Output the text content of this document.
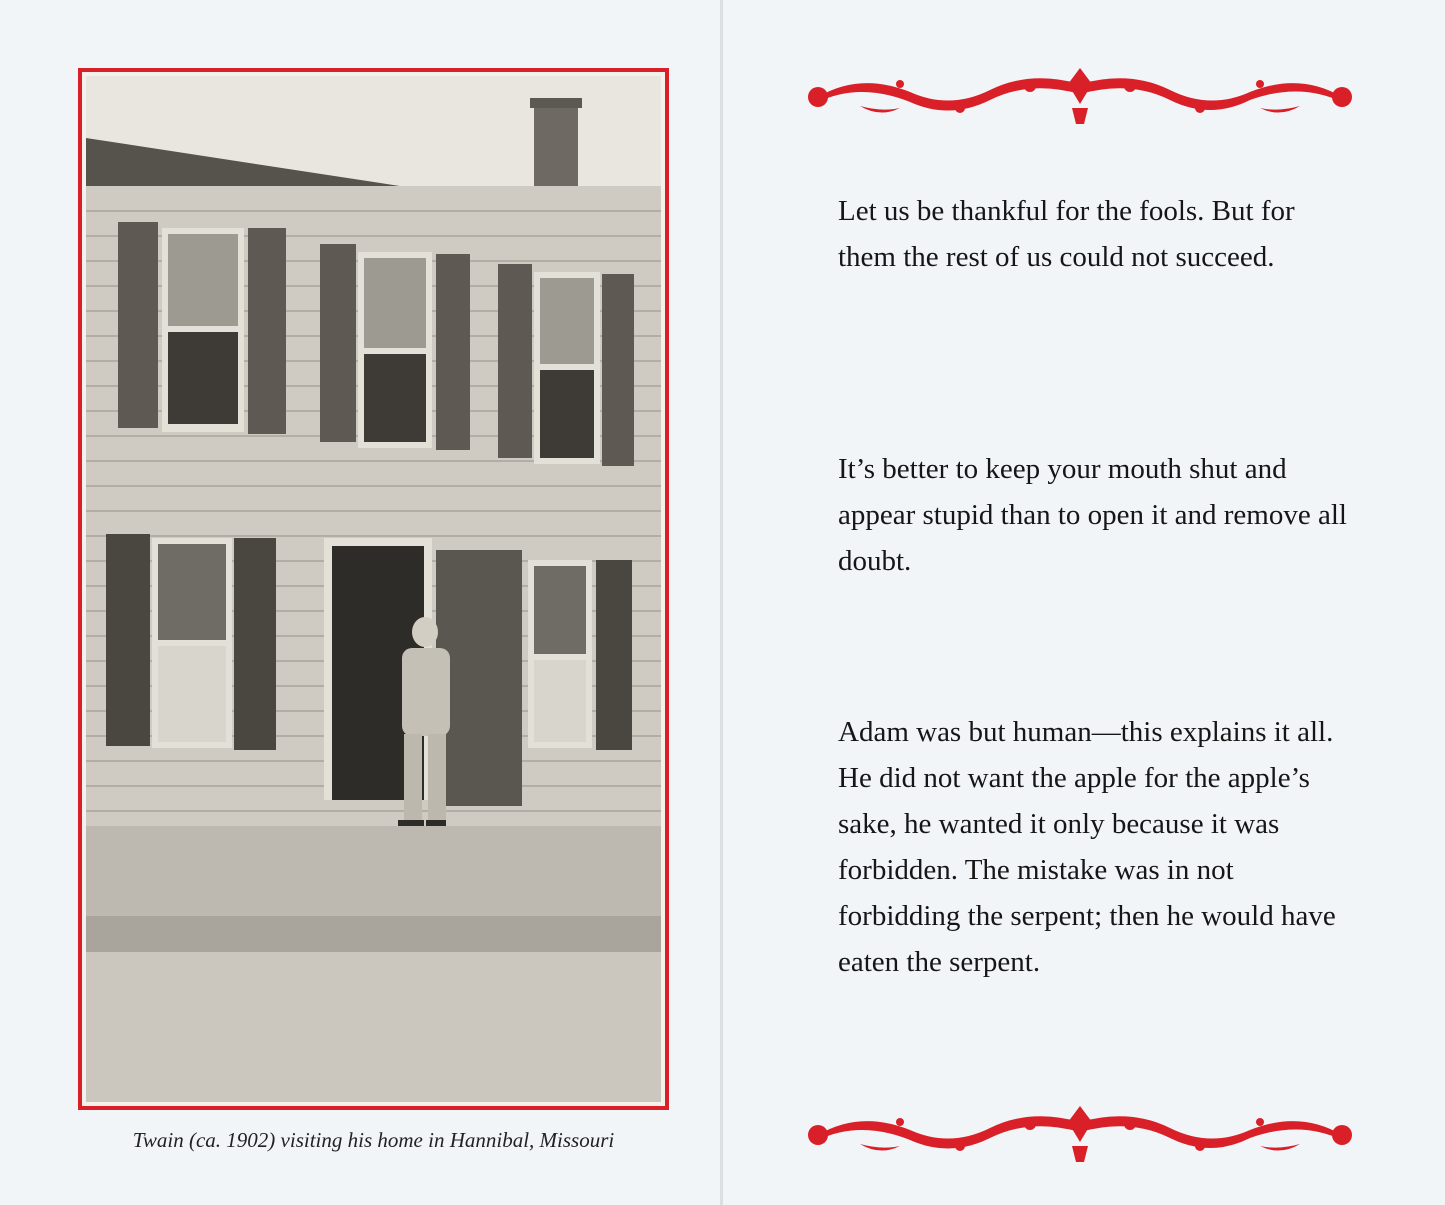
Twain (ca. 1902) visiting his home in Hannibal, Missouri

Let us be thankful for the fools. But for them the rest of us could not succeed.

It’s better to keep your mouth shut and appear stupid than to open it and remove all doubt.

Adam was but human—this explains it all. He did not want the apple for the apple’s sake, he wanted it only because it was forbidden. The mistake was in not forbidding the serpent; then he would have eaten the serpent.
